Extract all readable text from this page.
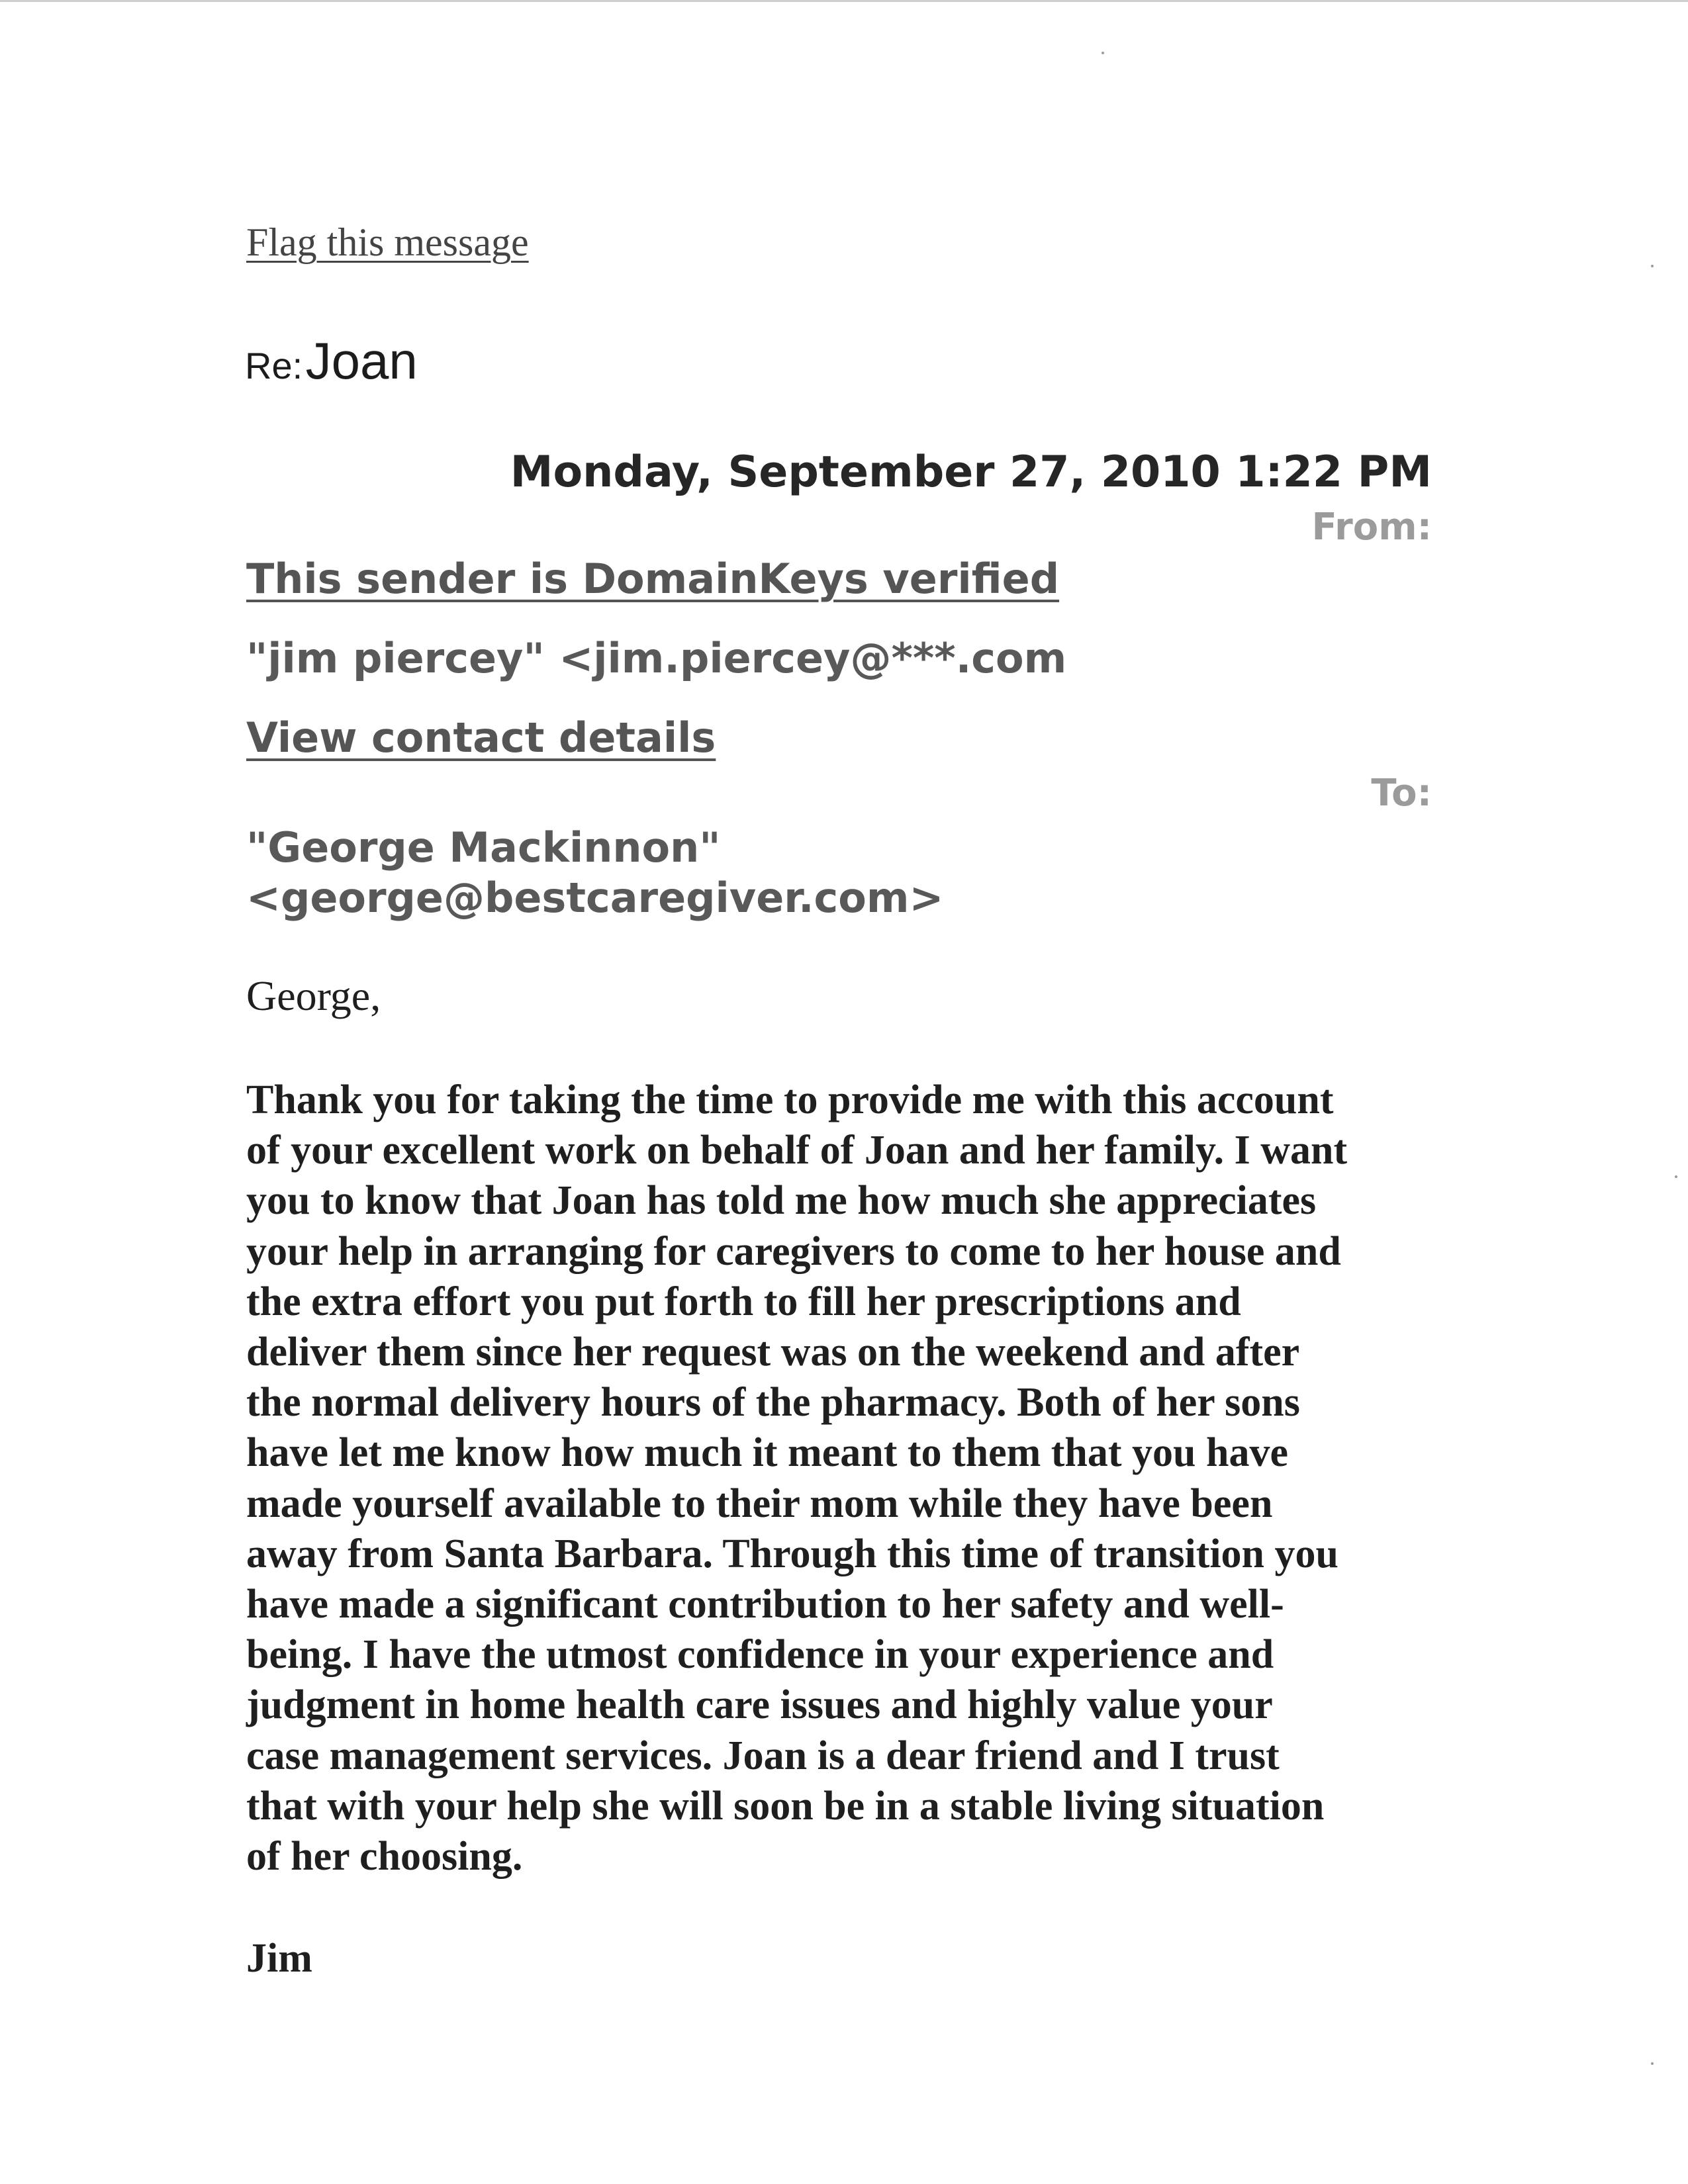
Flag this message
Re: Joan
Monday, September 27, 2010 1:22 PM
From:
This sender is DomainKeys verified
"jim piercey" <jim.piercey@***.com
View contact details
To:
"George Mackinnon"
<george@bestcaregiver.com>
George,
Thank you for taking the time to provide me with this account
of your excellent work on behalf of Joan and her family. I want
you to know that Joan has told me how much she appreciates
your help in arranging for caregivers to come to her house and
the extra effort you put forth to fill her prescriptions and
deliver them since her request was on the weekend and after
the normal delivery hours of the pharmacy. Both of her sons
have let me know how much it meant to them that you have
made yourself available to their mom while they have been
away from Santa Barbara. Through this time of transition you
have made a significant contribution to her safety and well-
being. I have the utmost confidence in your experience and
judgment in home health care issues and highly value your
case management services. Joan is a dear friend and I trust
that with your help she will soon be in a stable living situation
of her choosing.
Jim
